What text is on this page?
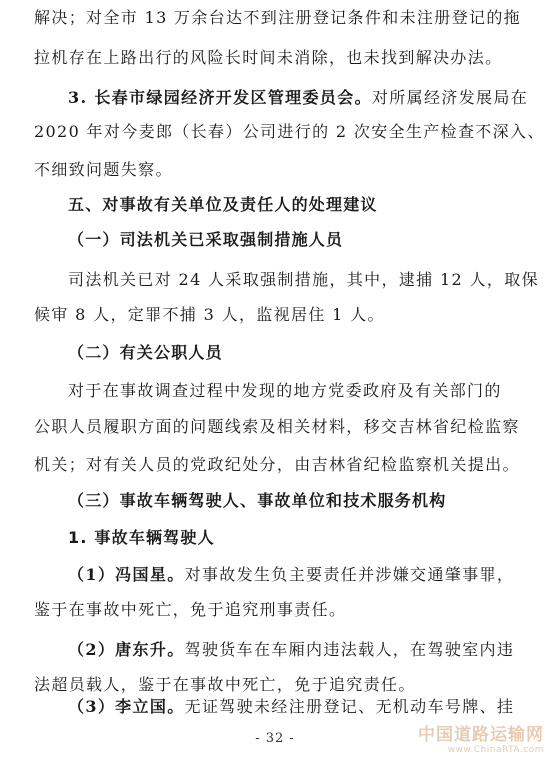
解决；对全市 13 万余台达不到注册登记条件和未注册登记的拖
拉机存在上路出行的风险长时间未消除，也未找到解决办法。
3. 长春市绿园经济开发区管理委员会。对所属经济发展局在
2020 年对今麦郎（长春）公司进行的 2 次安全生产检查不深入、
不细致问题失察。
五、对事故有关单位及责任人的处理建议
（一）司法机关已采取强制措施人员
司法机关已对 24 人采取强制措施，其中，逮捕 12 人，取保
候审 8 人，定罪不捕 3 人，监视居住 1 人。
（二）有关公职人员
对于在事故调查过程中发现的地方党委政府及有关部门的
公职人员履职方面的问题线索及相关材料，移交吉林省纪检监察
机关；对有关人员的党政纪处分，由吉林省纪检监察机关提出。
（三）事故车辆驾驶人、事故单位和技术服务机构
1. 事故车辆驾驶人
（1）冯国星。对事故发生负主要责任并涉嫌交通肇事罪，
鉴于在事故中死亡，免于追究刑事责任。
（2）唐东升。驾驶货车在车厢内违法载人，在驾驶室内违
法超员载人，鉴于在事故中死亡，免于追究责任。
（3）李立国。无证驾驶未经注册登记、无机动车号牌、挂
- 32 -	中国道路运输网
www.ChinaRTA.com
